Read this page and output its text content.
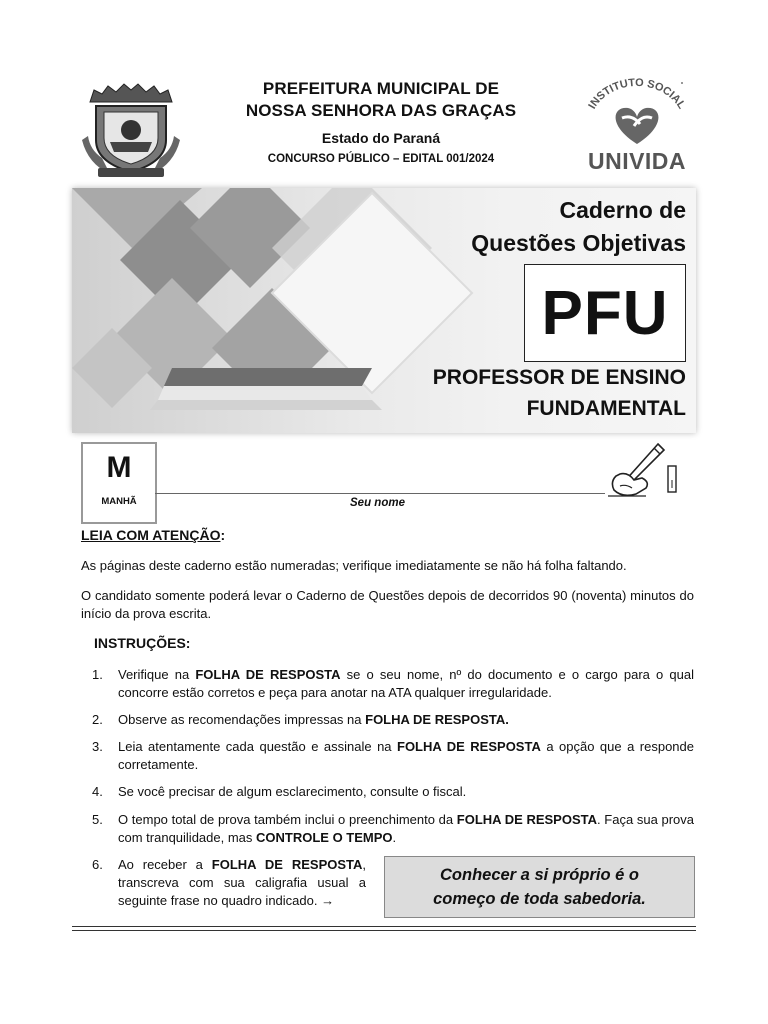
PREFEITURA MUNICIPAL DE
NOSSA SENHORA DAS GRAÇAS
Estado do Paraná
CONCURSO PÚBLICO – EDITAL 001/2024
INSTITUTO SOCIAL
UNIVIDA
Caderno de
Questões Objetivas
PFU
PROFESSOR DE ENSINO
FUNDAMENTAL
M
MANHÃ	Seu nome
LEIA COM ATENÇÃO:
As páginas deste caderno estão numeradas; verifique imediatamente se não há folha faltando.
O candidato somente poderá levar o Caderno de Questões depois de decorridos 90 (noventa) minutos do início da prova escrita.
INSTRUÇÕES:
1.	Verifique na FOLHA DE RESPOSTA se o seu nome, nº do documento e o cargo para o qual concorre estão corretos e peça para anotar na ATA qualquer irregularidade.
2.	Observe as recomendações impressas na FOLHA DE RESPOSTA.
3.	Leia atentamente cada questão e assinale na FOLHA DE RESPOSTA a opção que a responde corretamente.
4.	Se você precisar de algum esclarecimento, consulte o fiscal.
5.	O tempo total de prova também inclui o preenchimento da FOLHA DE RESPOSTA. Faça sua prova com tranquilidade, mas CONTROLE O TEMPO.
6.	Ao receber a FOLHA DE RESPOSTA, transcreva com sua caligrafia usual a seguinte frase no quadro indicado. →
Conhecer a si próprio é o
começo de toda sabedoria.
